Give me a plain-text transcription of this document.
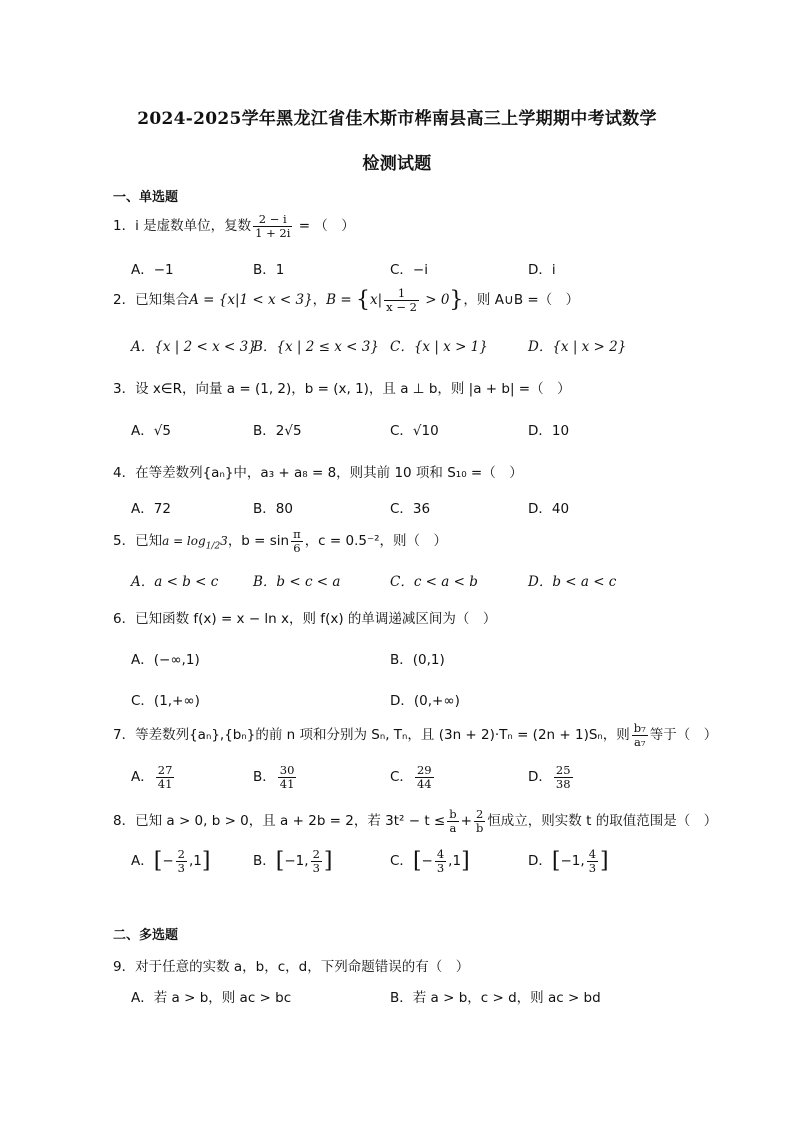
2024-2025学年黑龙江省佳木斯市桦南县高三上学期期中考试数学
检测试题
一、单选题
1．i 是虚数单位，复数 $\frac{2 - i}{1 + 2i}$ = （　）
A．−1	B．1	C．−i	D．i
2．已知集合A = {x|1 < x < 3}，$B = \{x| \frac{1}{x - 2} > 0\}$，则 A∪B =（　）
A．{x | 2 < x < 3}
B．{x | 2 ≤ x < 3} C．{x | x > 1}	D．{x | x > 2}
3．设 x∈R，向量 a = (1, 2)，b = (x, 1)，且 a ⊥ b，则 |a + b| =（　）
A．√5	B．2√5	C．√10	D．10
4．在等差数列{aₙ}中，a₃ + a₈ = 8，则其前 10 项和 S₁₀ =（　）
A．72	B．80	C．36	D．40
5．已知$a = \log_{1/2}3$，$b = \sin \frac{\pi}{6}$ ，c = 0.5⁻²，则（　）
A．a < b < c	B．b < c < a	C．c < a < b	D．b < a < c
6．已知函数 f(x) = x − ln x，则 f(x) 的单调递减区间为（　）
A．(−∞,1)	B．(0,1)
C．(1,+∞)	D．(0,+∞)
7．等差数列{aₙ},{bₙ}的前 n 项和分别为 Sₙ, Tₙ，且 (3n + 2)·Tₙ = (2n + 1)Sₙ，则 $\frac{\text{b₇}}{\text{a₇}}$ 等于（　）
A． $\frac{27}{41}$	B． $\frac{30}{41}$	C． $\frac{29}{44}$	D． $\frac{25}{38}$
8．已知 a > 0, b > 0，且 a + 2b = 2，若 $3t^2 - t \le \frac{b}{a} + \frac{2}{b}$ 恒成立，则实数 t 的取值范围是（　）
A．[− $\frac{2}{3} ,1$]	B．[−1, $\frac{2}{3}$ ]	C．[− $\frac{4}{3} ,1$]	D．[−1, $\frac{4}{3}$ ]
二、多选题
9．对于任意的实数 a，b，c，d，下列命题错误的有（　）
A．若 a > b，则 ac > bc	B．若 a > b，c > d，则 ac > bd
